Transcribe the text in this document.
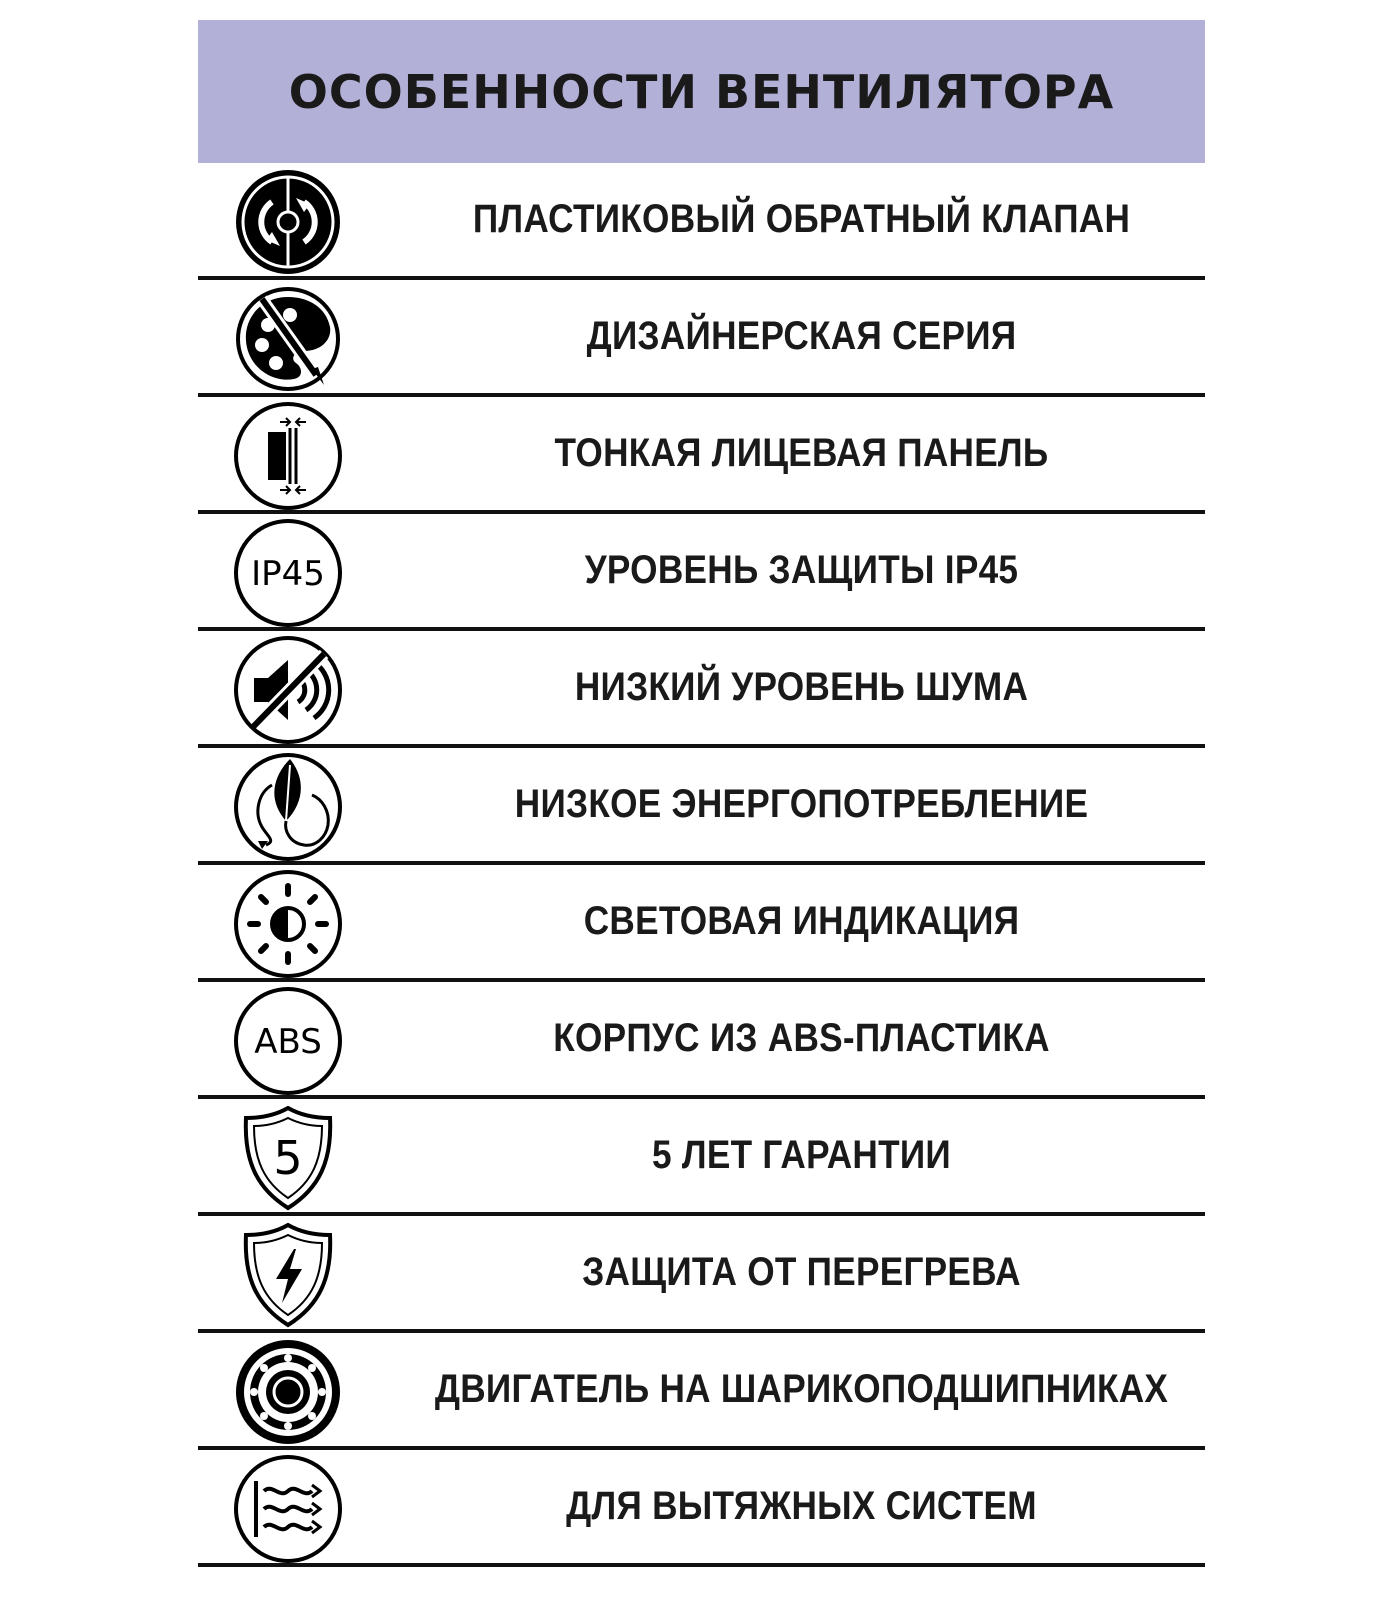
ОСОБЕННОСТИ ВЕНТИЛЯТОРА
ПЛАСТИКОВЫЙ ОБРАТНЫЙ КЛАПАН
ДИЗАЙНЕРСКАЯ СЕРИЯ
ТОНКАЯ ЛИЦЕВАЯ ПАНЕЛЬ
IP45	УРОВЕНЬ ЗАЩИТЫ IP45
НИЗКИЙ УРОВЕНЬ ШУМА
НИЗКОЕ ЭНЕРГОПОТРЕБЛЕНИЕ
СВЕТОВАЯ ИНДИКАЦИЯ
ABS	КОРПУС ИЗ ABS-ПЛАСТИКА
5	5 ЛЕТ ГАРАНТИИ
ЗАЩИТА ОТ ПЕРЕГРЕВА
ДВИГАТЕЛЬ НА ШАРИКОПОДШИПНИКАХ
ДЛЯ ВЫТЯЖНЫХ СИСТЕМ
